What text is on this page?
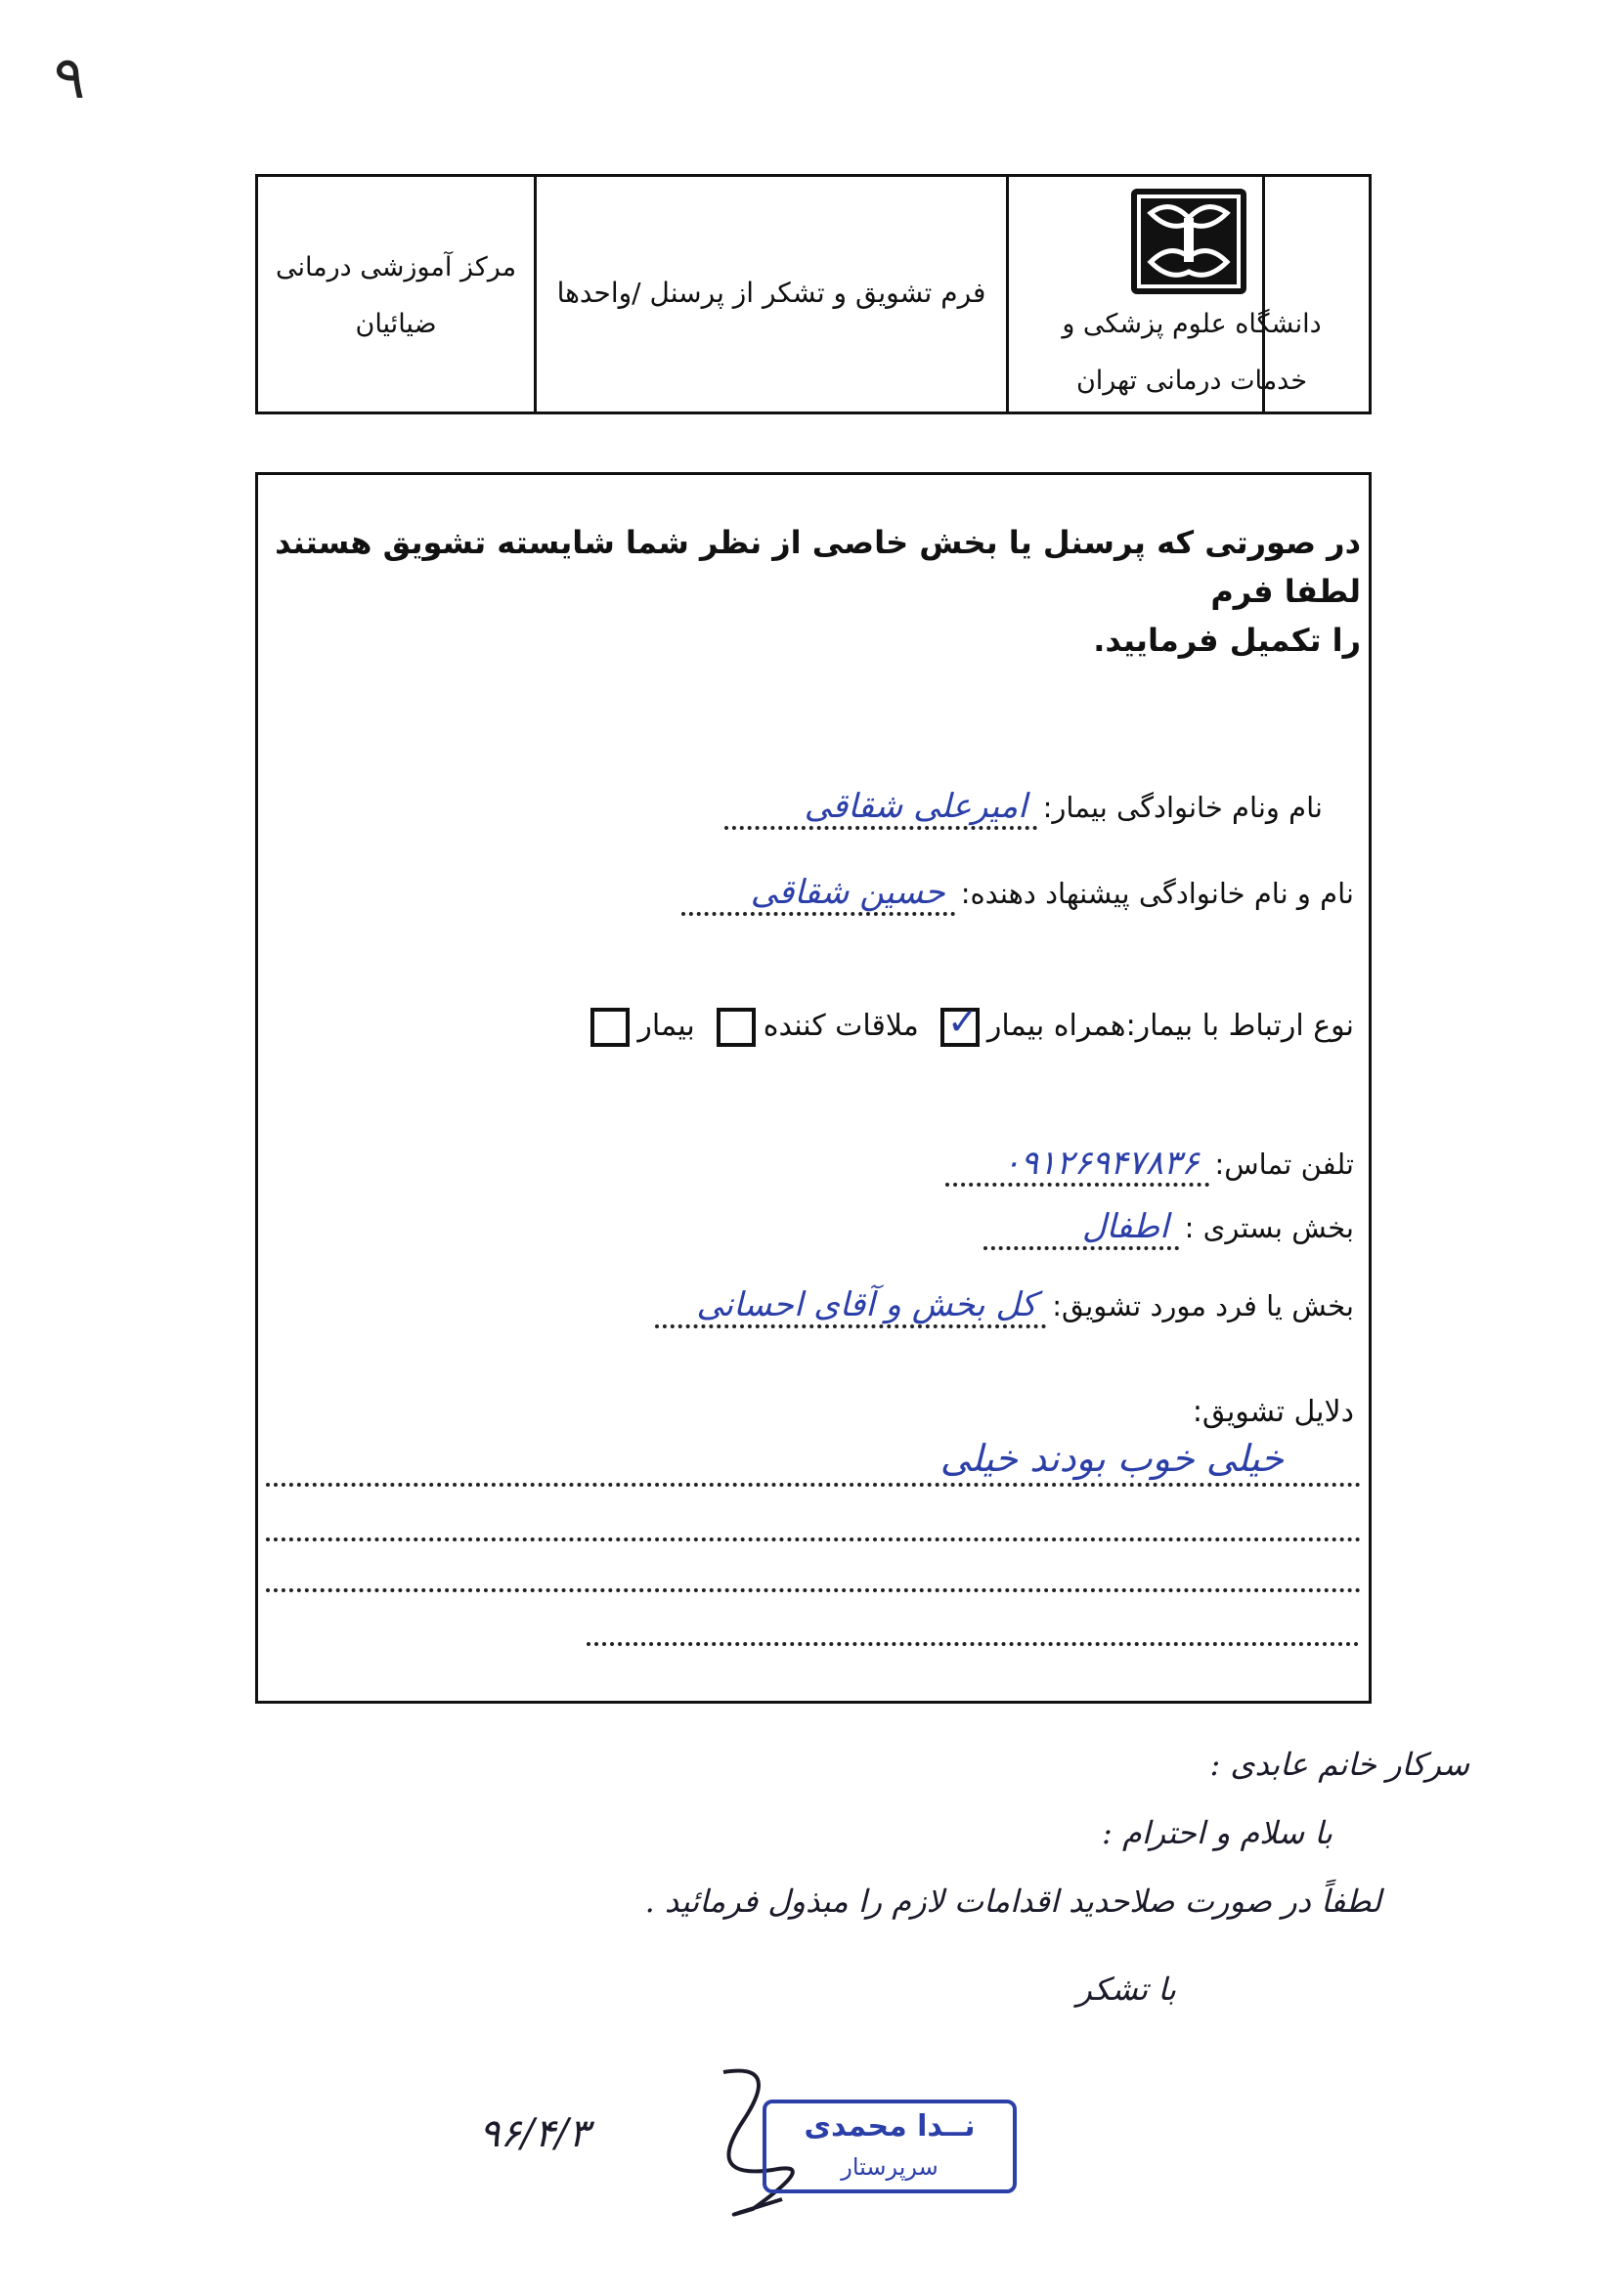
۹
دانشگاه علوم پزشکی و
خدمات درمانی تهران
فرم تشویق و تشکر از پرسنل /واحدها
مرکز آموزشی درمانی
ضیائیان
در صورتی که پرسنل یا بخش خاصی از نظر شما شایسته تشویق هستند لطفا فرم
را تکمیل فرمایید.
نام ونام خانوادگی بیمار:امیرعلی شقاقی
نام و نام خانوادگی پیشنهاد دهنده:حسین شقاقی
نوع ارتباط با بیمار:همراه بیمار
✓
ملاقات کنندهبیمار
تلفن تماس:۰۹۱۲۶۹۴۷۸۳۶
بخش بستری :اطفال
بخش یا فرد مورد تشویق:کل بخش و آقای احسانی
دلایل تشویق:
خیلی خوب بودند خیلی
سرکار خانم عابدی :
با سلام و احترام :
لطفاً در صورت صلاحدید اقدامات لازم را مبذول فرمائید .
با تشکر
۹۶/۴/۳	نــدا محمدی
سرپرستار
